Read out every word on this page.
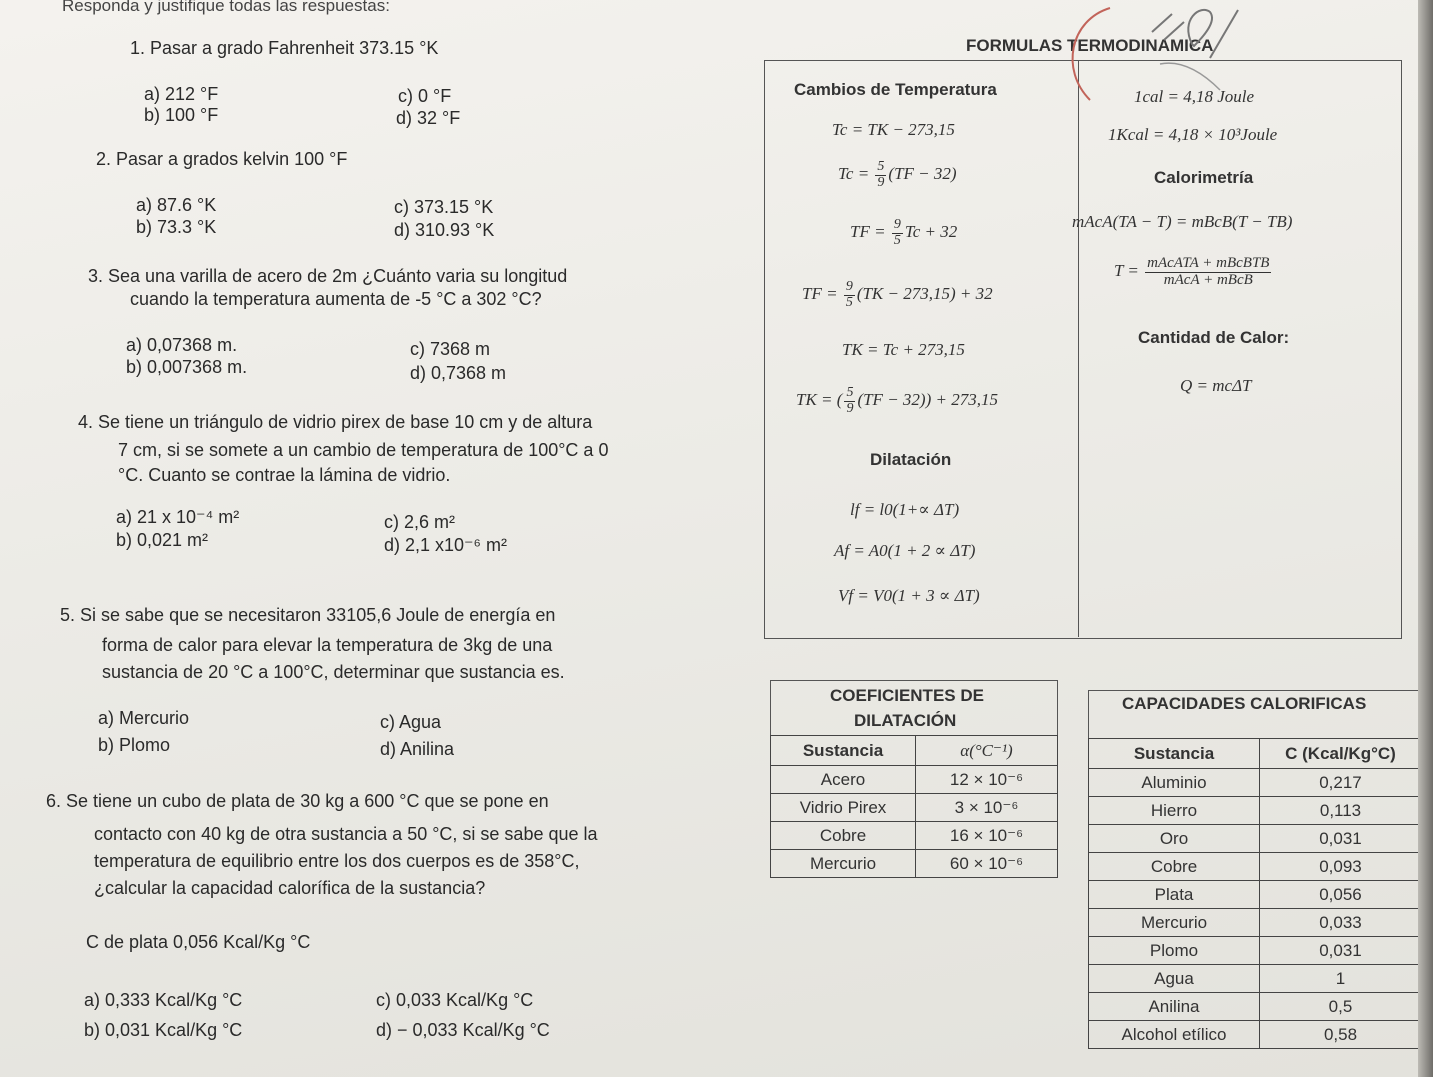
Responda y justifique todas las respuestas:
1. Pasar a grado Fahrenheit 373.15 °K
a) 212 °F
b) 100 °F
c) 0 °F
d) 32 °F
2. Pasar a grados kelvin 100 °F
a) 87.6 °K
b) 73.3 °K
c) 373.15 °K
d) 310.93 °K
3. Sea una varilla de acero de 2m ¿Cuánto varia su longitud
cuando la temperatura aumenta de -5 °C a 302 °C?
a) 0,07368 m.
b) 0,007368 m.
c) 7368 m
d) 0,7368 m
4. Se tiene un triángulo de vidrio pirex de base 10 cm y de altura
7 cm, si se somete a un cambio de temperatura de 100°C a 0
°C. Cuanto se contrae la lámina de vidrio.
a) 21 x 10⁻⁴ m²
b) 0,021 m²
c) 2,6 m²
d) 2,1 x10⁻⁶ m²
5. Si se sabe que se necesitaron 33105,6 Joule de energía en
forma de calor para elevar la temperatura de 3kg de una
sustancia de 20 °C a 100°C, determinar que sustancia es.
a) Mercurio
b) Plomo
c) Agua
d) Anilina
6. Se tiene un cubo de plata de 30 kg a 600 °C que se pone en
contacto con 40 kg de otra sustancia a 50 °C, si se sabe que la
temperatura de equilibrio entre los dos cuerpos es de 358°C,
¿calcular la capacidad calorífica de la sustancia?
C de plata 0,056 Kcal/Kg °C
a) 0,333 Kcal/Kg °C
b) 0,031 Kcal/Kg °C
c) 0,033 Kcal/Kg °C
d) − 0,033 Kcal/Kg °C
FORMULAS TERMODINAMICA
Cambios de Temperatura
Tc = TK − 273,15
$Tc = \frac{5}{9} (TF - 32)$
TF = $\frac{9}{5}$ Tc + 32
TF = $\frac{9}{5} (TK - 273,15) + 32$
TK = Tc + 273,15
TK = ( $\frac{5}{9} (TF - 32)) + 273,15$
Dilatación
lf = l0(1+∝ ΔT)
Af = A0(1 + 2 ∝ ΔT)
Vf = V0(1 + 3 ∝ ΔT)
1cal = 4,18 Joule
1Kcal = 4,18 × 10³Joule
Calorimetría
mAcA(TA − T) = mBcB(T − TB)
$T = \frac{\text{mAcATA + mBcBTB}}{\text{mAcA + mBcB}}$
Cantidad de Calor:
Q = mcΔT
COEFICIENTES DE
DILATACIÓN
Sustancia	α(°C⁻¹)
Acero	12 × 10⁻⁶
Vidrio Pirex	3 × 10⁻⁶
Cobre	16 × 10⁻⁶
Mercurio	60 × 10⁻⁶
CAPACIDADES CALORIFICAS
Sustancia	C (Kcal/Kg°C)
Aluminio	0,217
Hierro	0,113
Oro	0,031
Cobre	0,093
Plata	0,056
Mercurio	0,033
Plomo	0,031
Agua	1
Anilina	0,5
Alcohol etílico	0,58
